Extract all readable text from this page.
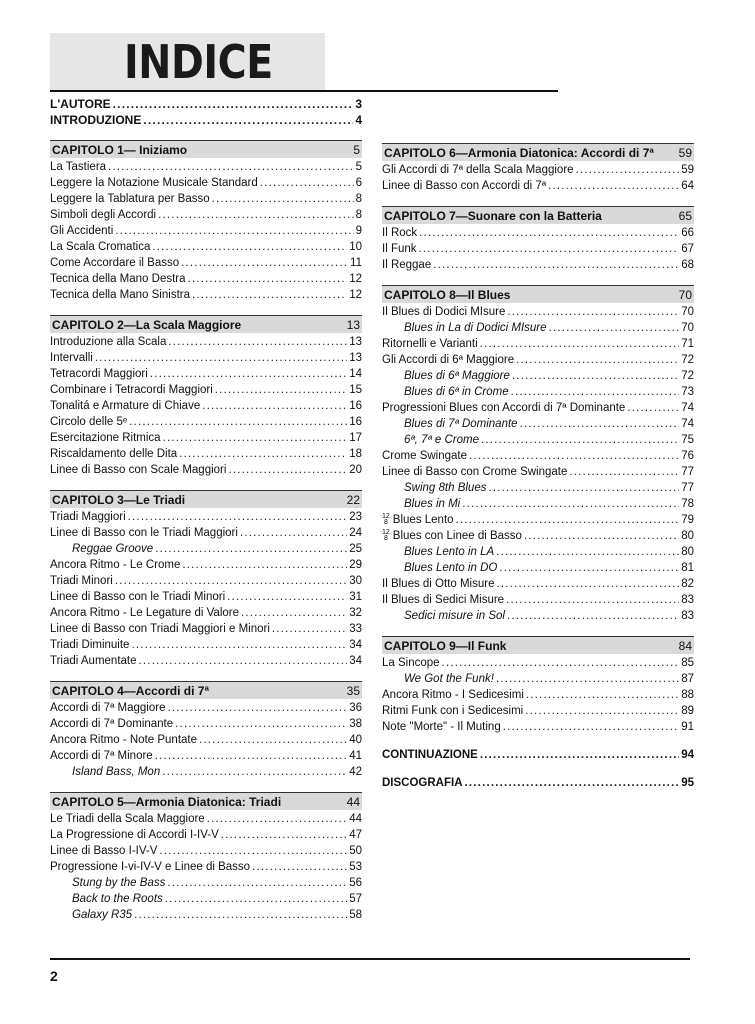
INDICE
L'AUTORE .....	3
INTRODUZIONE .....	4
CAPITOLO 1— Iniziamo	5
La Tastiera .....	5
Leggere la Notazione Musicale Standard .....	6
Leggere la Tablatura per Basso .....	8
Simboli degli Accordi .....	8
Gli Accidenti .....	9
La Scala Cromatica .....	10
Come Accordare il Basso .....	11
Tecnica della Mano Destra .....	12
Tecnica della Mano Sinistra .....	12
CAPITOLO 2—La Scala Maggiore	13
Introduzione alla Scala .....	13
Intervalli .....	13
Tetracordi Maggiori .....	14
Combinare i Tetracordi Maggiori .....	15
Tonalitá e Armature di Chiave .....	16
Circolo delle 5ᵉ .....	16
Esercitazione Ritmica .....	17
Riscaldamento delle Dita .....	18
Linee di Basso con Scale Maggiori .....	20
CAPITOLO 3—Le Triadi	22
Triadi Maggiori .....	23
Linee di Basso con le Triadi Maggiori .....	24
Reggae Groove .....	25
Ancora Ritmo - Le Crome .....	29
Triadi Minori .....	30
Linee di Basso con le Triadi Minori .....	31
Ancora Ritmo - Le Legature di Valore .....	32
Linee di Basso con Triadi Maggiori e Minori .....	33
Triadi Diminuite .....	34
Triadi Aumentate .....	34
CAPITOLO 4—Accordi di 7ª	35
Accordi di 7ª Maggiore .....	36
Accordi di 7ª Dominante .....	38
Ancora Ritmo - Note Puntate .....	40
Accordi di 7ª Minore .....	41
Island Bass, Mon .....	42
CAPITOLO 5—Armonia Diatonica: Triadi	44
Le Triadi della Scala Maggiore .....	44
La Progressione di Accordi I-IV-V .....	47
Linee di Basso I-IV-V .....	50
Progressione I-vi-IV-V e Linee di Basso .....	53
Stung by the Bass .....	56
Back to the Roots .....	57
Galaxy R35 .....	58
CAPITOLO 6—Armonia Diatonica: Accordi di 7ª 59
Gli Accordi di 7ª della Scala Maggiore .....	59
Linee di Basso con Accordi di 7ª .....	64
CAPITOLO 7—Suonare con la Batteria	65
Il Rock .....	66
Il Funk .....	67
Il Reggae .....	68
CAPITOLO 8—Il Blues	70
Il Blues di Dodici MIsure .....	70
Blues in La di Dodici MIsure .....	70
Ritornelli e Varianti .....	71
Gli Accordi di 6ª Maggiore .....	72
Blues di 6ª Maggiore .....	72
Blues di 6ª in Crome .....	73
Progressioni Blues con Accordi di 7ª Dominante .....	74
Blues di 7ª Dominante .....	74
6ª, 7ª e Crome .....	75
Crome Swingate .....	76
Linee di Basso con Crome Swingate .....	77
Swing 8th Blues .....	77
Blues in Mi .....	78
12
8 Blues Lento .....	79
12
8 Blues con Linee di Basso .....	80
Blues Lento in LA .....	80
Blues Lento in DO .....	81
Il Blues di Otto Misure .....	82
Il Blues di Sedici Misure .....	83
Sedici misure in Sol .....	83
CAPITOLO 9—Il Funk	84
La Sincope .....	85
We Got the Funk! .....	87
Ancora Ritmo - I Sedicesimi .....	88
Ritmi Funk con i Sedicesimi .....	89
Note "Morte" - Il Muting .....	91
CONTINUAZIONE .....	94
DISCOGRAFIA .....	95
2
